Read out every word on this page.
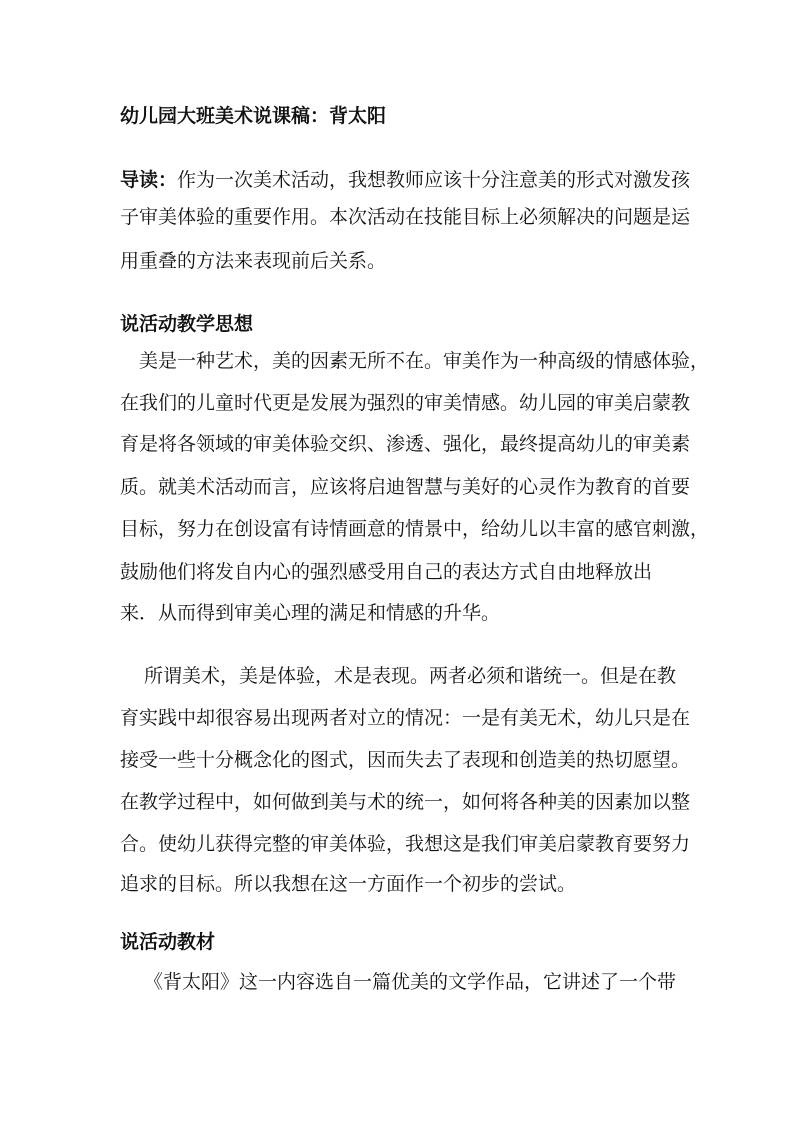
幼儿园大班美术说课稿：背太阳
导读：作为一次美术活动，我想教师应该十分注意美的形式对激发孩
子审美体验的重要作用。本次活动在技能目标上必须解决的问题是运
用重叠的方法来表现前后关系。
说活动教学思想
美是一种艺术，美的因素无所不在。审美作为一种高级的情感体验，
在我们的儿童时代更是发展为强烈的审美情感。幼儿园的审美启蒙教
育是将各领域的审美体验交织、渗透、强化，最终提高幼儿的审美素
质。就美术活动而言，应该将启迪智慧与美好的心灵作为教育的首要
目标，努力在创设富有诗情画意的情景中，给幼儿以丰富的感官刺激，
鼓励他们将发自内心的强烈感受用自己的表达方式自由地释放出
来．从而得到审美心理的满足和情感的升华。
所谓美术，美是体验，术是表现。两者必须和谐统一。但是在教
育实践中却很容易出现两者对立的情况：一是有美无术，幼儿只是在
接受一些十分概念化的图式，因而失去了表现和创造美的热切愿望。
在教学过程中，如何做到美与术的统一，如何将各种美的因素加以整
合。使幼儿获得完整的审美体验，我想这是我们审美启蒙教育要努力
追求的目标。所以我想在这一方面作一个初步的尝试。
说活动教材
《背太阳》这一内容选自一篇优美的文学作品，它讲述了一个带
